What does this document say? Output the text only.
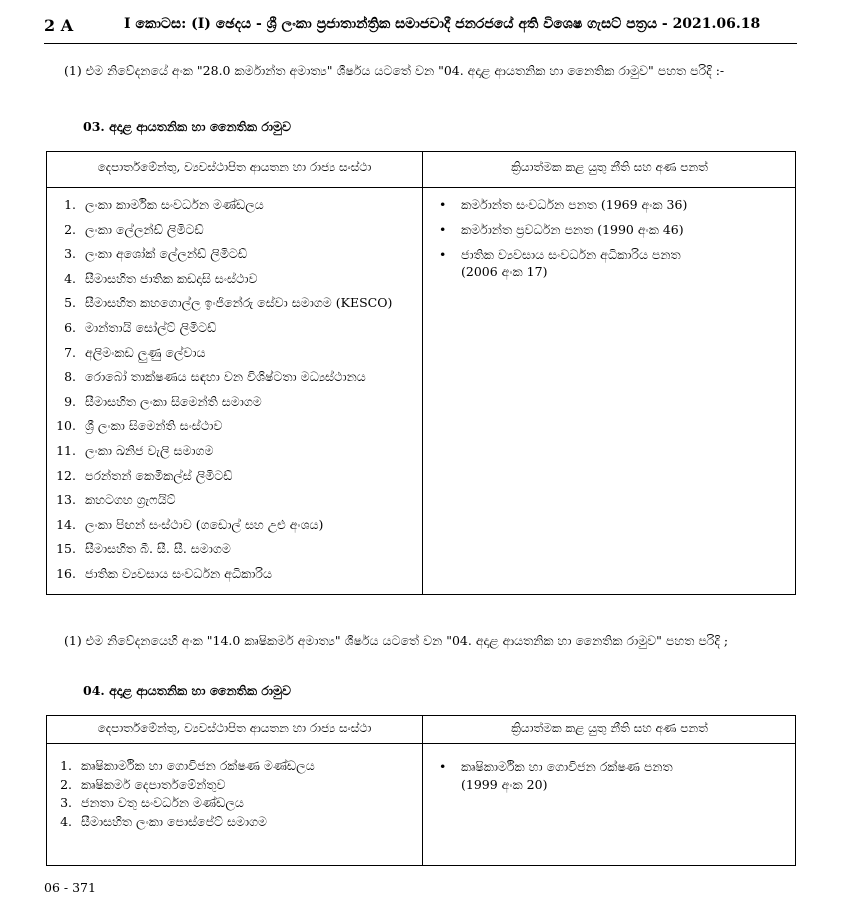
2 A	I කොටස: (I) ඡෙදය - ශ්‍රී ලංකා ප්‍රජාතාන්ත්‍රික සමාජවාදී ජනරජයේ අති විශෙෂ ගැසට් පත්‍රය - 2021.06.18
(1) එම නිවේදනයේ අංක "28.0 කර්මාන්ත අමාත්‍ය" ශීර්ෂය යටතේ වන "04. අදාළ ආයතනික හා නෛතික රාමුව" පහත පරිදි :-
03. අදාළ ආයතනික හා නෛතික රාමුව
දෙපාර්තමේන්තු, ව්‍යවස්ථාපිත ආයතන හා රාජ්‍ය සංස්ථා	ක්‍රියාත්මක කළ යුතු නීති සහ අණ පනත්
1. ලංකා කාර්මික සංවර්ධන මණ්ඩලය
2. ලංකා ලේලන්ඩ් ලිමිටඩ්
3. ලංකා අශෝක් ලේලන්ඩ් ලිමිටඩ්
4. සීමාසහිත ජාතික කඩදාසි සංස්ථාව
5. සීමාසහිත කහගොල්ල ඉංජිනේරු සේවා සමාගම (KESCO)
6. මාන්තායි සෝල්ට් ලිමිටඩ්
7. අලිමංකඩ ලුණු ලේවාය
8. රොබෝ තාක්ෂණය සඳහා වන විශිෂ්ටතා මධ්‍යස්ථානය
9. සීමාසහිත ලංකා සිමෙන්ති සමාගම
10. ශ්‍රී ලංකා සිමෙන්ති සංස්ථාව
11. ලංකා ඛනිජ වැලි සමාගම
12. පරන්තන් කෙමිකල්ස් ලිමිටඩ්
13. කහටගහ ග්‍රැෆයිට්
14. ලංකා පිඟන් සංස්ථාව (ගඩොල් සහ උළු අංශය)
15. සීමාසහිත බී. සී. සී. සමාගම
16. ජාතික ව්‍යවසාය සංවර්ධන අධිකාරිය
• කර්මාන්ත සංවර්ධන පනත (1969 අංක 36)
• කර්මාන්ත ප්‍රවර්ධන පනත (1990 අංක 46)
• ජාතික ව්‍යවසාය සංවර්ධන අධිකාරිය පනත
(2006 අංක 17)
(1) එම නිවේදනයෙහි අංක "14.0 කෘෂිකර්ම අමාත්‍ය" ශීර්ෂය යටතේ වන "04. අදාළ ආයතනික හා නෛතික රාමුව" පහත පරිදි ;
04. අදාළ ආයතනික හා නෛතික රාමුව
දෙපාර්තමේන්තු, ව්‍යවස්ථාපිත ආයතන හා රාජ්‍ය සංස්ථා	ක්‍රියාත්මක කළ යුතු නීති සහ අණ පනත්
1. කෘෂිකාර්මික හා ගොවිජන රක්ෂණ මණ්ඩලය
2. කෘෂිකර්ම දෙපාර්තමේන්තුව
3. ජනතා වතු සංවර්ධන මණ්ඩලය
4. සීමාසහිත ලංකා පොස්පේට් සමාගම
• කෘෂිකාර්මික හා ගොවිජන රක්ෂණ පනත
(1999 අංක 20)
06 - 371
